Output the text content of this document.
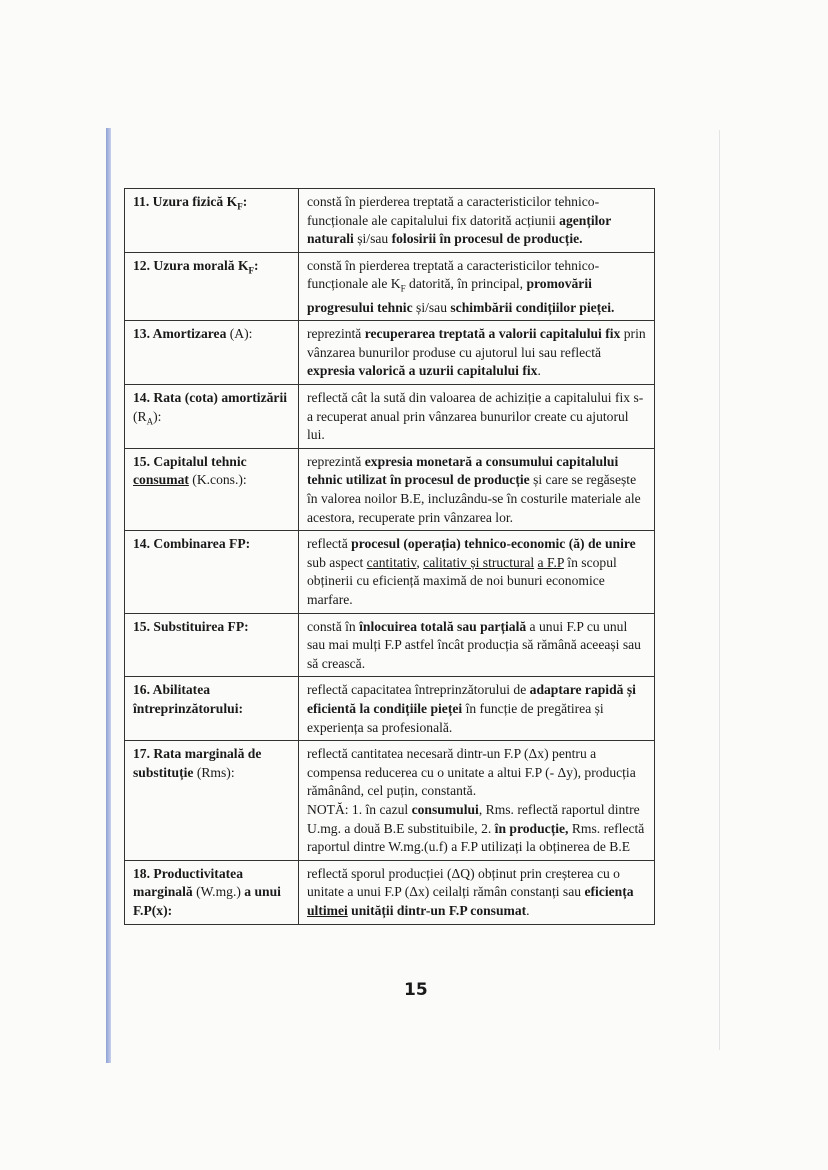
11. Uzura fizică $K_F$:	constă în pierderea treptată a caracteristicilor tehnico-funcționale ale capitalului fix datorită acțiunii agenților naturali și/sau folosirii în procesul de producție.
12. Uzura morală $K_F$:	constă în pierderea treptată a caracteristicilor tehnico-funcționale ale $K_F$ datorită, în principal, promovării progresului tehnic și/sau schimbării condițiilor pieței.
13. Amortizarea (A):	reprezintă recuperarea treptată a valorii capitalului fix prin vânzarea bunurilor produse cu ajutorul lui sau reflectă expresia valorică a uzurii capitalului fix.
14. Rata (cota) amortizării $(R_A)$:	reflectă cât la sută din valoarea de achiziție a capitalului fix s-a recuperat anual prin vânzarea bunurilor create cu ajutorul lui.
15. Capitalul tehnic consumat (K.cons.):	reprezintă expresia monetară a consumului capitalului tehnic utilizat în procesul de producție și care se regăsește în valorea noilor B.E, incluzându-se în costurile materiale ale acestora, recuperate prin vânzarea lor.
14. Combinarea FP:	reflectă procesul (operația) tehnico-economic (ă) de unire sub aspect cantitativ, calitativ și structural a F.P în scopul obținerii cu eficiență maximă de noi bunuri economice marfare.
15. Substituirea FP:	constă în înlocuirea totală sau parțială a unui F.P cu unul sau mai mulți F.P astfel încât producția să rămână aceeași sau să crească.
16. Abilitatea întreprinzătorului:	reflectă capacitatea întreprinzătorului de adaptare rapidă și eficientă la condițiile pieței în funcție de pregătirea și experiența sa profesională.
17. Rata marginală de substituție (Rms):	reflectă cantitatea necesară dintr-un F.P (Δx) pentru a compensa reducerea cu o unitate a altui F.P (- Δy), producția rămânând, cel puțin, constantă.
NOTĂ: 1. în cazul consumului, Rms. reflectă raportul dintre U.mg. a două B.E substituibile, 2. în producție, Rms. reflectă raportul dintre W.mg.(u.f) a F.P utilizați la obținerea de B.E
18. Productivitatea marginală (W.mg.) a unui F.P(x):	reflectă sporul producției (ΔQ) obținut prin creșterea cu o unitate a unui F.P (Δx) ceilalți rămân constanți sau eficiența ultimei unității dintr-un F.P consumat.
15
